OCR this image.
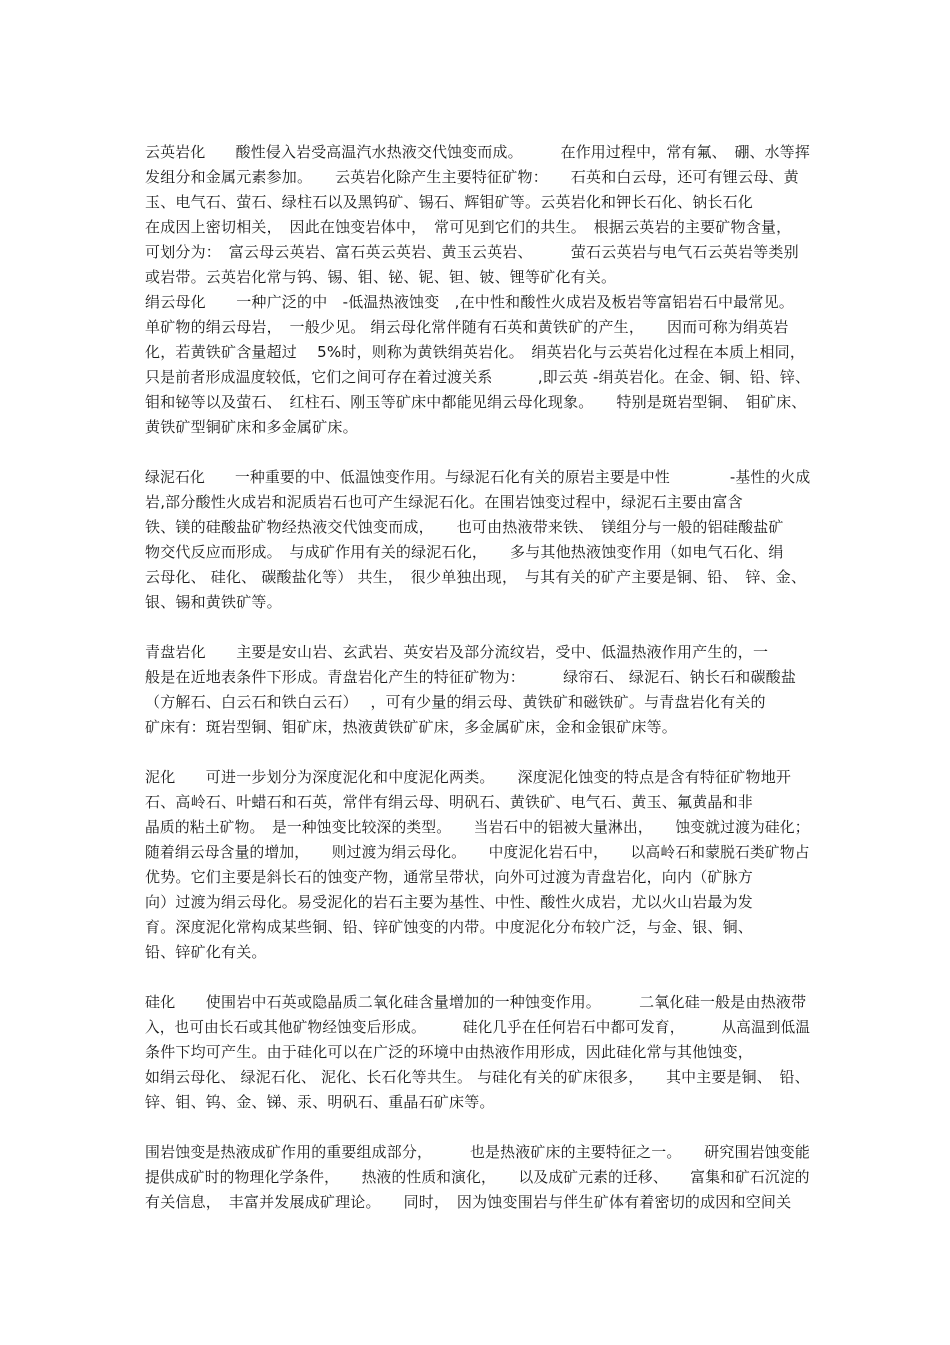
云英岩化　　酸性侵入岩受高温汽水热液交代蚀变而成。　　　在作用过程中，常有氟、　硼、水等挥
发组分和金属元素参加。　　云英岩化除产生主要特征矿物：　　石英和白云母，还可有锂云母、黄
玉、电气石、萤石、绿柱石以及黑钨矿、锡石、辉钼矿等。云英岩化和钾长石化、钠长石化
在成因上密切相关，　因此在蚀变岩体中，　常可见到它们的共生。　根据云英岩的主要矿物含量，
可划分为：　富云母云英岩、富石英云英岩、黄玉云英岩、　　　萤石云英岩与电气石云英岩等类别
或岩带。云英岩化常与钨、锡、钼、铋、铌、钽、铍、锂等矿化有关。
绢云母化　　一种广泛的中　-低温热液蚀变　,在中性和酸性火成岩及板岩等富铝岩石中最常见。
单矿物的绢云母岩，　一般少见。 绢云母化常伴随有石英和黄铁矿的产生，　　因而可称为绢英岩
化，若黄铁矿含量超过　 5%时，则称为黄铁绢英岩化。　绢英岩化与云英岩化过程在本质上相同，
只是前者形成温度较低，它们之间可存在着过渡关系　　　,即云英 -绢英岩化。在金、铜、铅、锌、
钼和铋等以及萤石、　红柱石、刚玉等矿床中都能见绢云母化现象。　　特别是斑岩型铜、　钼矿床、
黄铁矿型铜矿床和多金属矿床。
绿泥石化　　一种重要的中、低温蚀变作用。与绿泥石化有关的原岩主要是中性　　　　-基性的火成
岩,部分酸性火成岩和泥质岩石也可产生绿泥石化。在围岩蚀变过程中，绿泥石主要由富含
铁、镁的硅酸盐矿物经热液交代蚀变而成，　　也可由热液带来铁、　镁组分与一般的铝硅酸盐矿
物交代反应而形成。　与成矿作用有关的绿泥石化，　　多与其他热液蚀变作用（如电气石化、绢
云母化、 硅化、 碳酸盐化等） 共生，　很少单独出现，　与其有关的矿产主要是铜、铅、　锌、金、
银、锡和黄铁矿等。
青盘岩化　　主要是安山岩、玄武岩、英安岩及部分流纹岩，受中、低温热液作用产生的，一
般是在近地表条件下形成。青盘岩化产生的特征矿物为：　　　绿帘石、 绿泥石、钠长石和碳酸盐
（方解石、白云石和铁白云石）　 ，可有少量的绢云母、黄铁矿和磁铁矿。与青盘岩化有关的
矿床有：斑岩型铜、钼矿床，热液黄铁矿矿床，多金属矿床，金和金银矿床等。
泥化　　可进一步划分为深度泥化和中度泥化两类。　　深度泥化蚀变的特点是含有特征矿物地开
石、高岭石、叶蜡石和石英，常伴有绢云母、明矾石、黄铁矿、电气石、黄玉、氟黄晶和非
晶质的粘土矿物。　是一种蚀变比较深的类型。　　当岩石中的铝被大量淋出，　　蚀变就过渡为硅化；
随着绢云母含量的增加，　　则过渡为绢云母化。　　中度泥化岩石中，　　以高岭石和蒙脱石类矿物占
优势。它们主要是斜长石的蚀变产物，通常呈带状，向外可过渡为青盘岩化，向内（矿脉方
向）过渡为绢云母化。易受泥化的岩石主要为基性、中性、酸性火成岩，尤以火山岩最为发
育。深度泥化常构成某些铜、铅、锌矿蚀变的内带。中度泥化分布较广泛，与金、银、铜、
铅、锌矿化有关。
硅化　　使围岩中石英或隐晶质二氧化硅含量增加的一种蚀变作用。　　　二氧化硅一般是由热液带
入，也可由长石或其他矿物经蚀变后形成。　　　硅化几乎在任何岩石中都可发育，　　　从高温到低温
条件下均可产生。由于硅化可以在广泛的环境中由热液作用形成，因此硅化常与其他蚀变，
如绢云母化、 绿泥石化、 泥化、长石化等共生。 与硅化有关的矿床很多，　　其中主要是铜、　铅、
锌、钼、钨、金、锑、汞、明矾石、重晶石矿床等。
围岩蚀变是热液成矿作用的重要组成部分，　　　也是热液矿床的主要特征之一。　　研究围岩蚀变能
提供成矿时的物理化学条件，　　热液的性质和演化，　　以及成矿元素的迁移、　　富集和矿石沉淀的
有关信息，　丰富并发展成矿理论。　　同时，　因为蚀变围岩与伴生矿体有着密切的成因和空间关
